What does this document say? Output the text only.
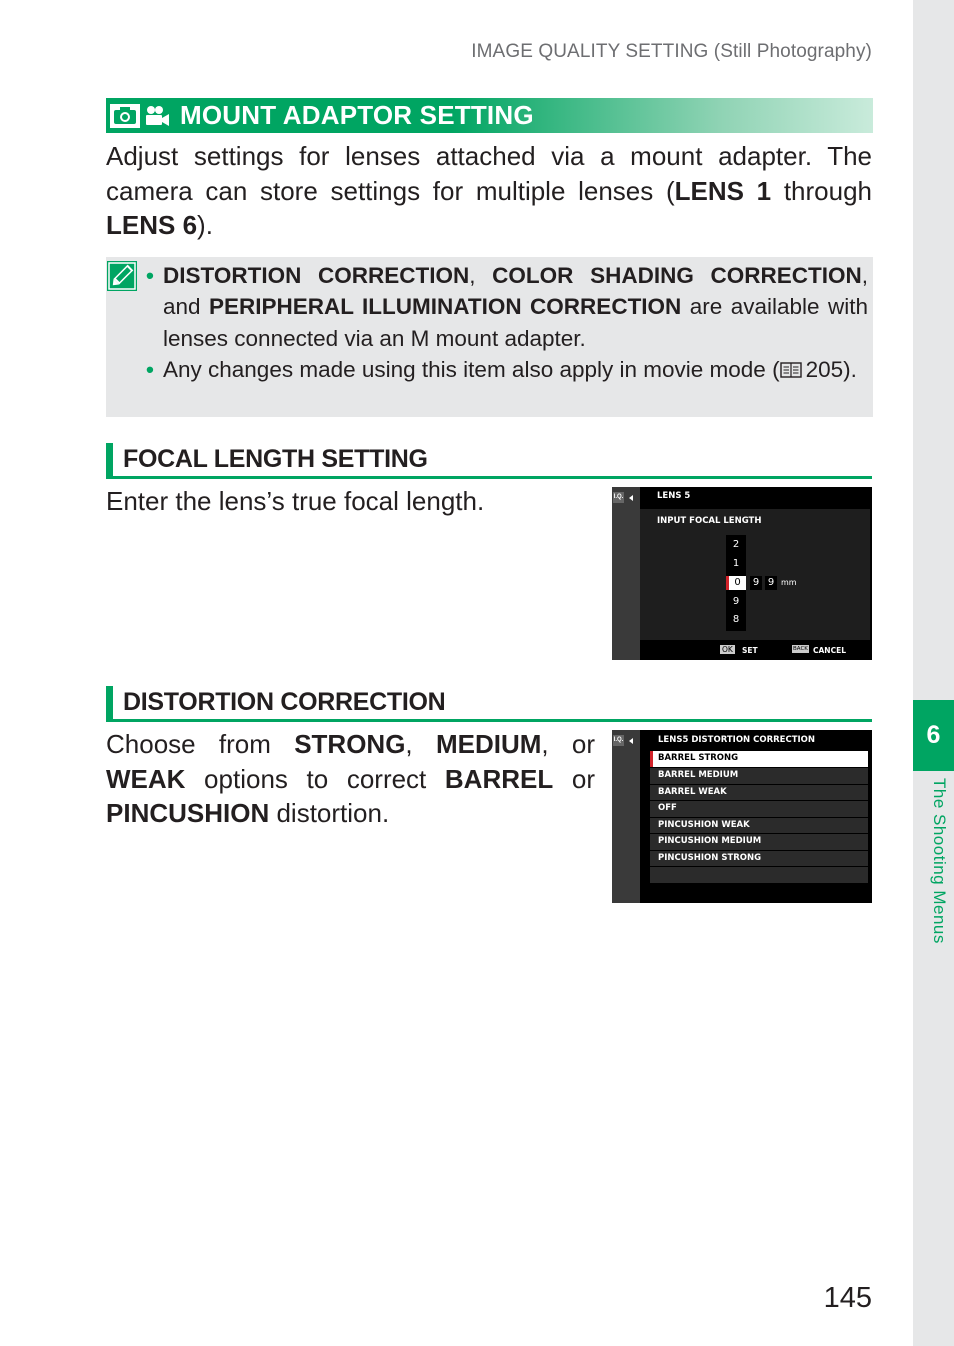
IMAGE QUALITY SETTING (Still Photography)
MOUNT ADAPTOR SETTING
Adjust settings for lenses attached via a mount adapter. The camera can store settings for multiple lenses (LENS 1 through LENS 6).
• DISTORTION CORRECTION, COLOR SHADING CORRECTION, and PERIPHERAL ILLUMINATION CORRECTION are available with lenses connected via an M mount adapter.
• Any changes made using this item also apply in movie mode ( 205).
FOCAL LENGTH SETTING
Enter the lens’s true focal length.	I.Q.	LENS 5
INPUT FOCAL LENGTH
2
1
0
9
8
9 9 mm
OK SET	BACK CANCEL
DISTORTION CORRECTION
Choose from STRONG, MEDIUM, or WEAK options to correct BARREL or PINCUSHION distortion.
I.Q.	LENS5 DISTORTION CORRECTION
BARREL STRONG
BARREL MEDIUM
BARREL WEAK
OFF
PINCUSHION WEAK
PINCUSHION MEDIUM
PINCUSHION STRONG
6
The Shooting Menus
145
